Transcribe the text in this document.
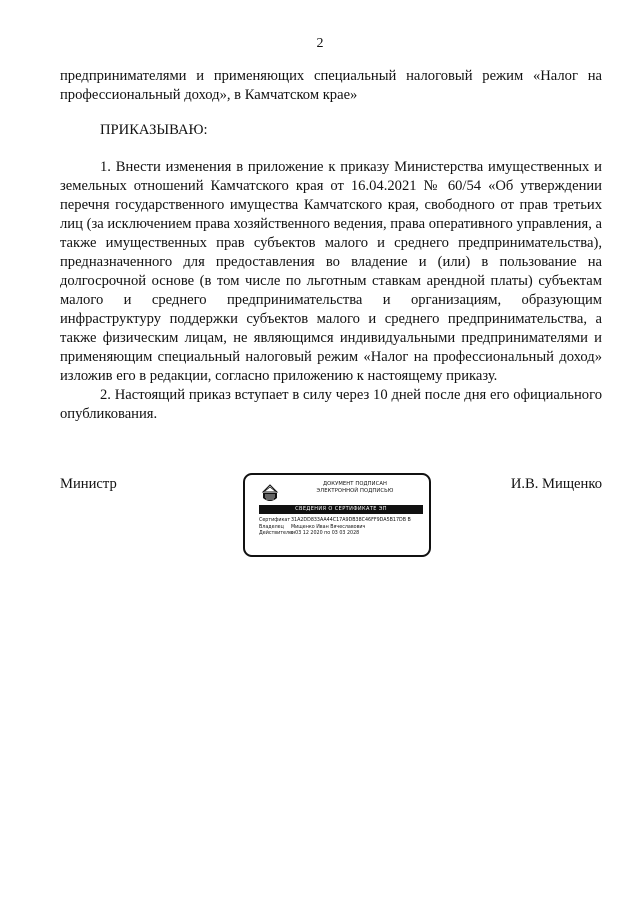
2

предпринимателями и применяющих специальный налоговый режим «Налог на профессиональный доход», в Камчатском крае»

ПРИКАЗЫВАЮ:

1. Внести изменения в приложение к приказу Министерства имущественных и земельных отношений Камчатского края от 16.04.2021 № 60/54 «Об утверждении перечня государственного имущества Камчатского края, свободного от прав третьих лиц (за исключением права хозяйственного ведения, права оперативного управления, а также имущественных прав субъектов малого и среднего предпринимательства), предназначенного для предоставления во владение и (или) в пользование на долгосрочной основе (в том числе по льготным ставкам арендной платы) субъектам малого и среднего предпринимательства и организациям, образующим инфраструктуру поддержки субъектов малого и среднего предпринимательства, а также физическим лицам, не являющимся индивидуальными предпринимателями и применяющим специальный налоговый режим «Налог на профессиональный доход» изложив его в редакции, согласно приложению к настоящему приказу.

2. Настоящий приказ вступает в силу через 10 дней после дня его официального опубликования.

Министр	И.В. Мищенко
ДОКУМЕНТ ПОДПИСАН
ЭЛЕКТРОННОЙ ПОДПИСЬЮ
СВЕДЕНИЯ О СЕРТИФИКАТЕ ЭП
Сертификат 31A2DD833AA44C17A9DB38C46FF9DA5B17DB B
Владелец	Мищенко Иван Вячеславович
Действителен
с 03 12 2020 по 03 03 2028
